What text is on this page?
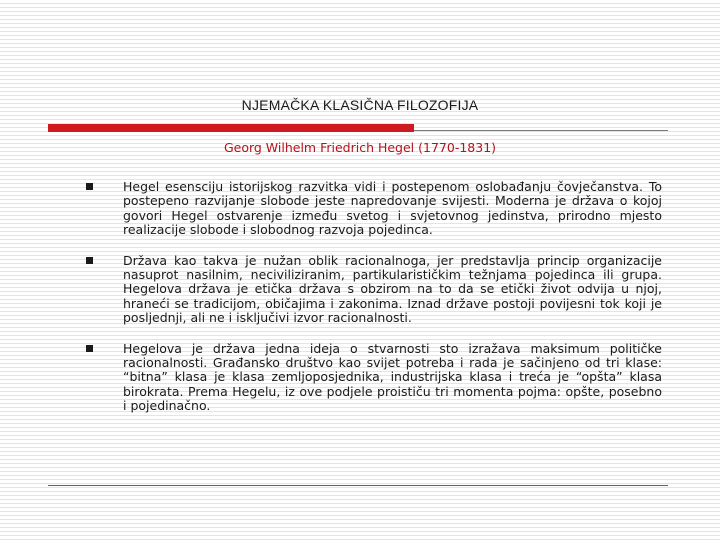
NJEMAČKA KLASIČNA FILOZOFIJA
Georg Wilhelm Friedrich Hegel (1770-1831)
Hegel esensciju istorijskog razvitka vidi i postepenom oslobađanju čovječanstva. To postepeno razvijanje slobode jeste napredovanje svijesti. Moderna je država o kojoj govori Hegel ostvarenje između svetog i svjetovnog jedinstva, prirodno mjesto realizacije slobode i slobodnog razvoja pojedinca.
Država kao takva je nužan oblik racionalnoga, jer predstavlja princip organizacije nasuprot nasilnim, neciviliziranim, partikularističkim težnjama pojedinca ili grupa. Hegelova država je etička država s obzirom na to da se etički život odvija u njoj, hraneći se tradicijom, običajima i zakonima. Iznad države postoji povijesni tok koji je posljednji, ali ne i isključivi izvor racionalnosti.
Hegelova je država jedna ideja o stvarnosti sto izražava maksimum političke racionalnosti. Građansko društvo kao svijet potreba i rada je sačinjeno od tri klase: “bitna” klasa je klasa zemljoposjednika, industrijska klasa i treća je “opšta” klasa birokrata. Prema Hegelu, iz ove podjele proističu tri momenta pojma: opšte, posebno i pojedinačno.
